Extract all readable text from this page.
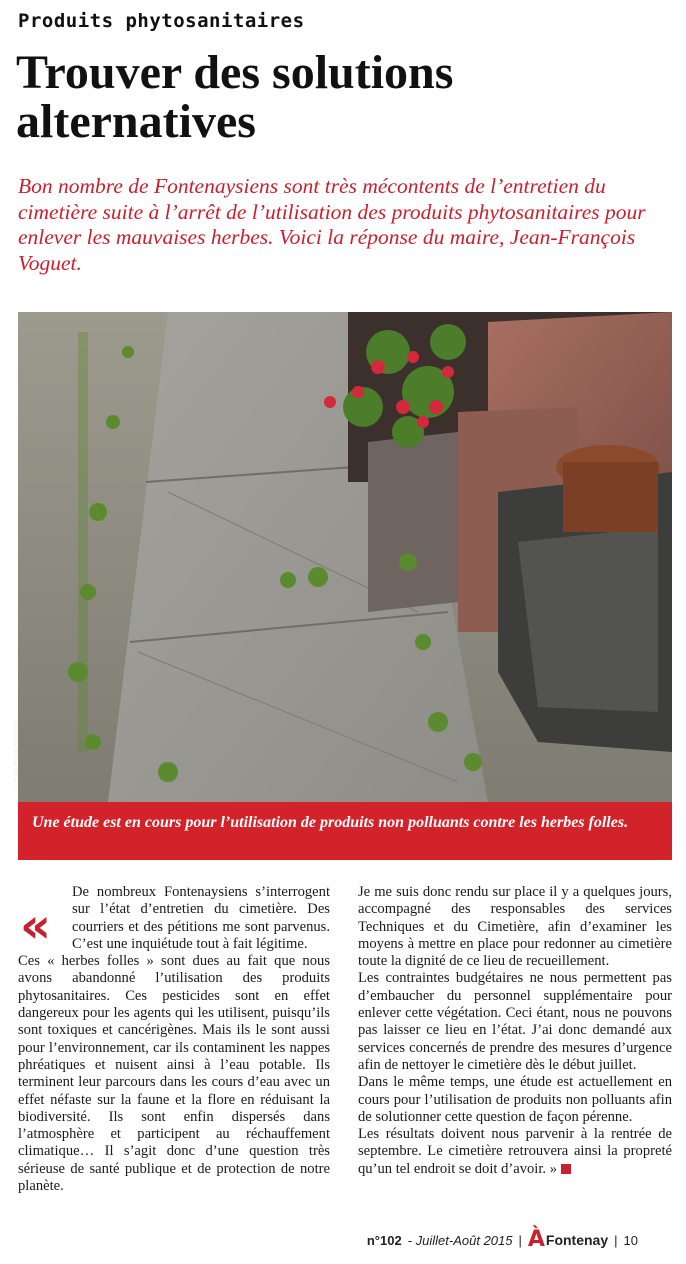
Produits phytosanitaires
Trouver des solutions alternatives

Bon nombre de Fontenaysiens sont très mécontents de l’entretien du cimetière suite à l’arrêt de l’utilisation des produits phytosanitaires pour enlever les mauvaises herbes. Voici la réponse du maire, Jean-François Voguet.

© Rose-Marie Pimentel
Une étude est en cours pour l’utilisation de produits non polluants contre les herbes folles.
«

De nombreux Fontenaysiens s’interrogent sur l’état d’entretien du cimetière. Des courriers et des pétitions me sont parvenus. C’est une inquiétude tout à fait légitime.

Ces « herbes folles » sont dues au fait que nous avons abandonné l’utilisation des produits phytosanitaires. Ces pesticides sont en effet dangereux pour les agents qui les utilisent, puisqu’ils sont toxiques et cancérigènes. Mais ils le sont aussi pour l’environnement, car ils contaminent les nappes phréatiques et nuisent ainsi à l’eau potable. Ils terminent leur parcours dans les cours d’eau avec un effet néfaste sur la faune et la flore en réduisant la biodiversité. Ils sont enfin dispersés dans l’atmosphère et participent au réchauffement climatique… Il s’agit donc d’une question très sérieuse de santé publique et de protection de notre planète.

Je me suis donc rendu sur place il y a quelques jours, accompagné des responsables des services Techniques et du Cimetière, afin d’examiner les moyens à mettre en place pour redonner au cimetière toute la dignité de ce lieu de recueillement.

Les contraintes budgétaires ne nous permettent pas d’embaucher du personnel supplémentaire pour enlever cette végétation. Ceci étant, nous ne pouvons pas laisser ce lieu en l’état. J’ai donc demandé aux services concernés de prendre des mesures d’urgence afin de nettoyer le cimetière dès le début juillet.

Dans le même temps, une étude est actuellement en cours pour l’utilisation de produits non polluants afin de solutionner cette question de façon pérenne.

Les résultats doivent nous parvenir à la rentrée de septembre. Le cimetière retrouvera ainsi la propreté qu’un tel endroit se doit d’avoir. »

n°102 - Juillet-Août 2015 | À Fontenay | 10
